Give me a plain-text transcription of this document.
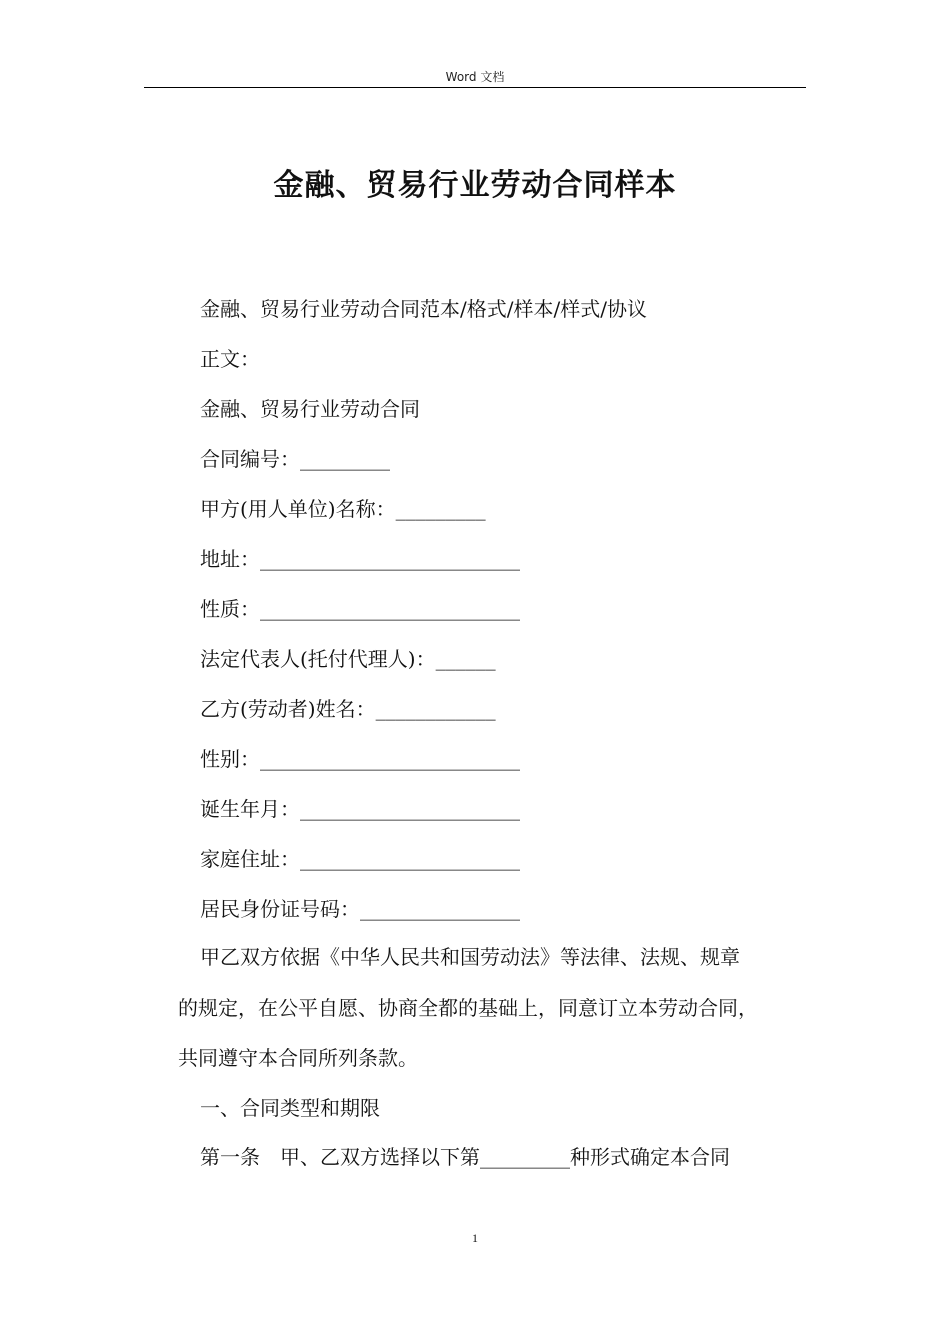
Word 文档
金融、贸易行业劳动合同样本
金融、贸易行业劳动合同范本/格式/样本/样式/协议
正文：
金融、贸易行业劳动合同
合同编号：_________
甲方(用人单位)名称：_________
地址：__________________________
性质：__________________________
法定代表人(托付代理人)：______
乙方(劳动者)姓名：____________
性别：__________________________
诞生年月：______________________
家庭住址：______________________
居民身份证号码：________________
甲乙双方依据《中华人民共和国劳动法》等法律、法规、规章
的规定，在公平自愿、协商全都的基础上，同意订立本劳动合同，
共同遵守本合同所列条款。
一、合同类型和期限
第一条　甲、乙双方选择以下第_________种形式确定本合同
1
